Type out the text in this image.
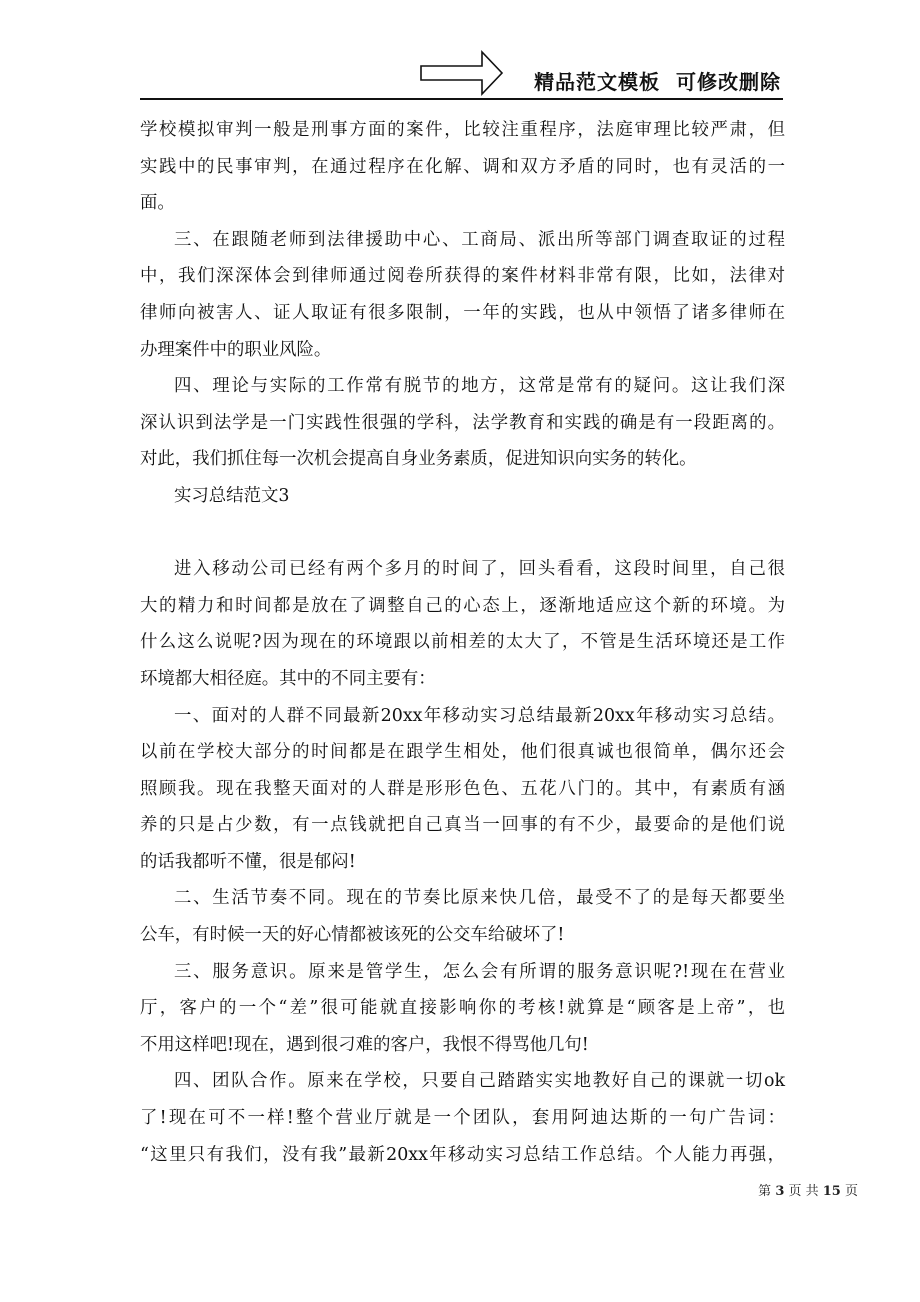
精品范文模板  可修改删除
学校模拟审判一般是刑事方面的案件，比较注重程序，法庭审理比较严肃，但
实践中的民事审判，在通过程序在化解、调和双方矛盾的同时，也有灵活的一
面。
三、在跟随老师到法律援助中心、工商局、派出所等部门调查取证的过程
中，我们深深体会到律师通过阅卷所获得的案件材料非常有限，比如，法律对
律师向被害人、证人取证有很多限制，一年的实践，也从中领悟了诸多律师在
办理案件中的职业风险。
四、理论与实际的工作常有脱节的地方，这常是常有的疑问。这让我们深
深认识到法学是一门实践性很强的学科，法学教育和实践的确是有一段距离的。
对此，我们抓住每一次机会提高自身业务素质，促进知识向实务的转化。
实习总结范文3
进入移动公司已经有两个多月的时间了，回头看看，这段时间里，自己很
大的精力和时间都是放在了调整自己的心态上，逐渐地适应这个新的环境。为
什么这么说呢?因为现在的环境跟以前相差的太大了，不管是生活环境还是工作
环境都大相径庭。其中的不同主要有：
一、面对的人群不同最新20xx年移动实习总结最新20xx年移动实习总结。
以前在学校大部分的时间都是在跟学生相处，他们很真诚也很简单，偶尔还会
照顾我。现在我整天面对的人群是形形色色、五花八门的。其中，有素质有涵
养的只是占少数，有一点钱就把自己真当一回事的有不少，最要命的是他们说
的话我都听不懂，很是郁闷!
二、生活节奏不同。现在的节奏比原来快几倍，最受不了的是每天都要坐
公车，有时候一天的好心情都被该死的公交车给破坏了!
三、服务意识。原来是管学生，怎么会有所谓的服务意识呢?!现在在营业
厅，客户的一个“差”很可能就直接影响你的考核!就算是“顾客是上帝”，也
不用这样吧!现在，遇到很刁难的客户，我恨不得骂他几句!
四、团队合作。原来在学校，只要自己踏踏实实地教好自己的课就一切ok
了!现在可不一样!整个营业厅就是一个团队，套用阿迪达斯的一句广告词：
“这里只有我们，没有我”最新20xx年移动实习总结工作总结。个人能力再强，
第 3 页 共 15 页
